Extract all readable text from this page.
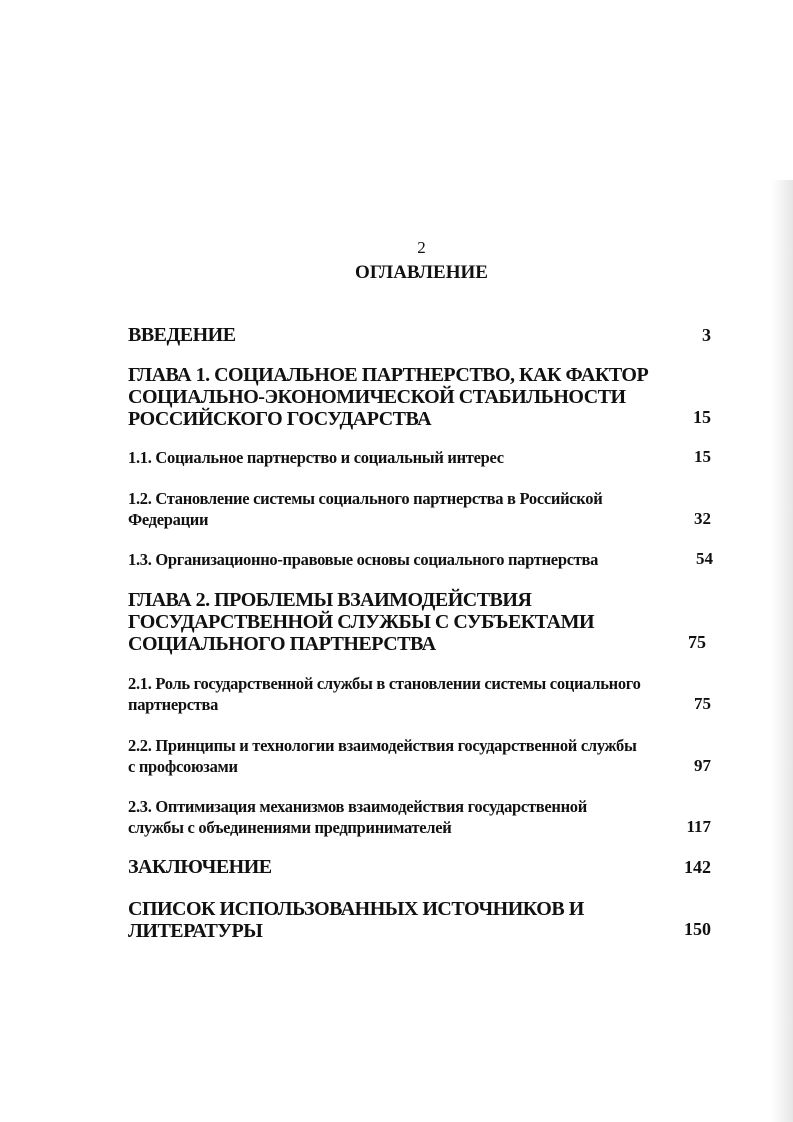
2
ОГЛАВЛЕНИЕ
ВВЕДЕНИЕ	3
ГЛАВА 1. СОЦИАЛЬНОЕ ПАРТНЕРСТВО, КАК ФАКТОР
СОЦИАЛЬНО-ЭКОНОМИЧЕСКОЙ СТАБИЛЬНОСТИ
РОССИЙСКОГО ГОСУДАРСТВА	15
1.1. Социальное партнерство и социальный интерес	15
1.2. Становление системы социального партнерства в Российской
Федерации	32
1.3. Организационно-правовые основы социального партнерства	54
ГЛАВА 2. ПРОБЛЕМЫ ВЗАИМОДЕЙСТВИЯ
ГОСУДАРСТВЕННОЙ СЛУЖБЫ С СУБЪЕКТАМИ
СОЦИАЛЬНОГО ПАРТНЕРСТВА	75
2.1. Роль государственной службы в становлении системы социального
партнерства	75
2.2. Принципы и технологии взаимодействия государственной службы
с профсоюзами	97
2.3. Оптимизация механизмов взаимодействия государственной
службы с объединениями предпринимателей	117
ЗАКЛЮЧЕНИЕ	142
СПИСОК ИСПОЛЬЗОВАННЫХ ИСТОЧНИКОВ И
ЛИТЕРАТУРЫ	150
